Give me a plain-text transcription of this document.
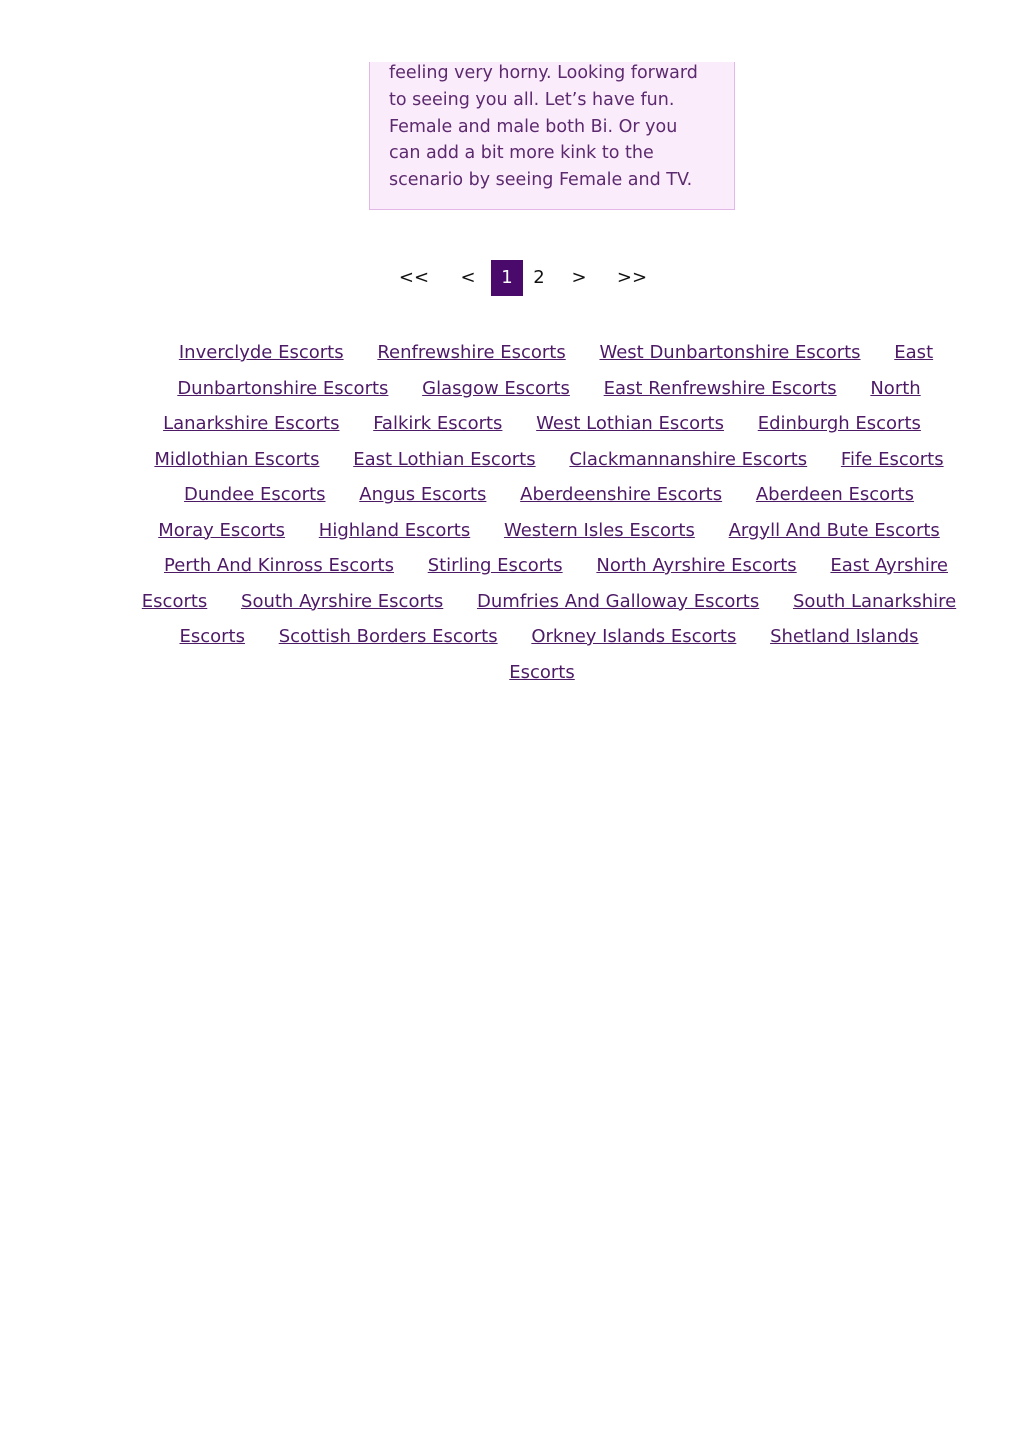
feeling very horny. Looking forward
to seeing you all. Let’s have fun.
Female and male both Bi. Or you
can add a bit more kink to the
scenario by seeing Female and TV.

<<	<	1	2	>	>>
Inverclyde Escorts Renfrewshire Escorts West Dunbartonshire Escorts East Dunbartonshire Escorts Glasgow Escorts East Renfrewshire Escorts North Lanarkshire Escorts Falkirk Escorts West Lothian Escorts Edinburgh Escorts Midlothian Escorts East Lothian Escorts Clackmannanshire Escorts Fife Escorts Dundee Escorts Angus Escorts Aberdeenshire Escorts Aberdeen Escorts Moray Escorts Highland Escorts Western Isles Escorts Argyll And Bute Escorts Perth And Kinross Escorts Stirling Escorts North Ayrshire Escorts East Ayrshire Escorts South Ayrshire Escorts Dumfries And Galloway Escorts South Lanarkshire Escorts Scottish Borders Escorts Orkney Islands Escorts Shetland Islands Escorts
